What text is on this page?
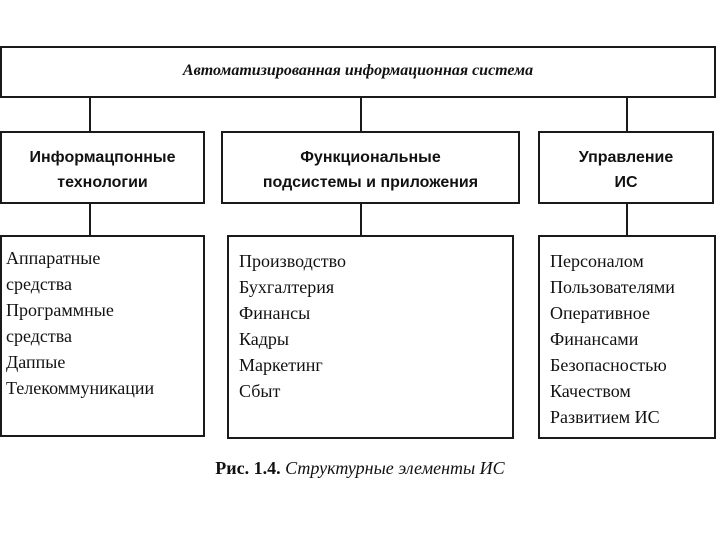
Автоматизированная информационная система
Информацпонные
технологии
Функциональные
подсистемы и приложения
Управление
ИС
Аппаратные
средства
Программные
средства
Даппые
Телекоммуникации
Производство
Бухгалтерия
Финансы
Кадры
Маркетинг
Сбыт
Персоналом
Пользователями
Оперативное
Финансами
Безопасностью
Качеством
Развитием ИС
Рис. 1.4. Структурные элементы ИС
